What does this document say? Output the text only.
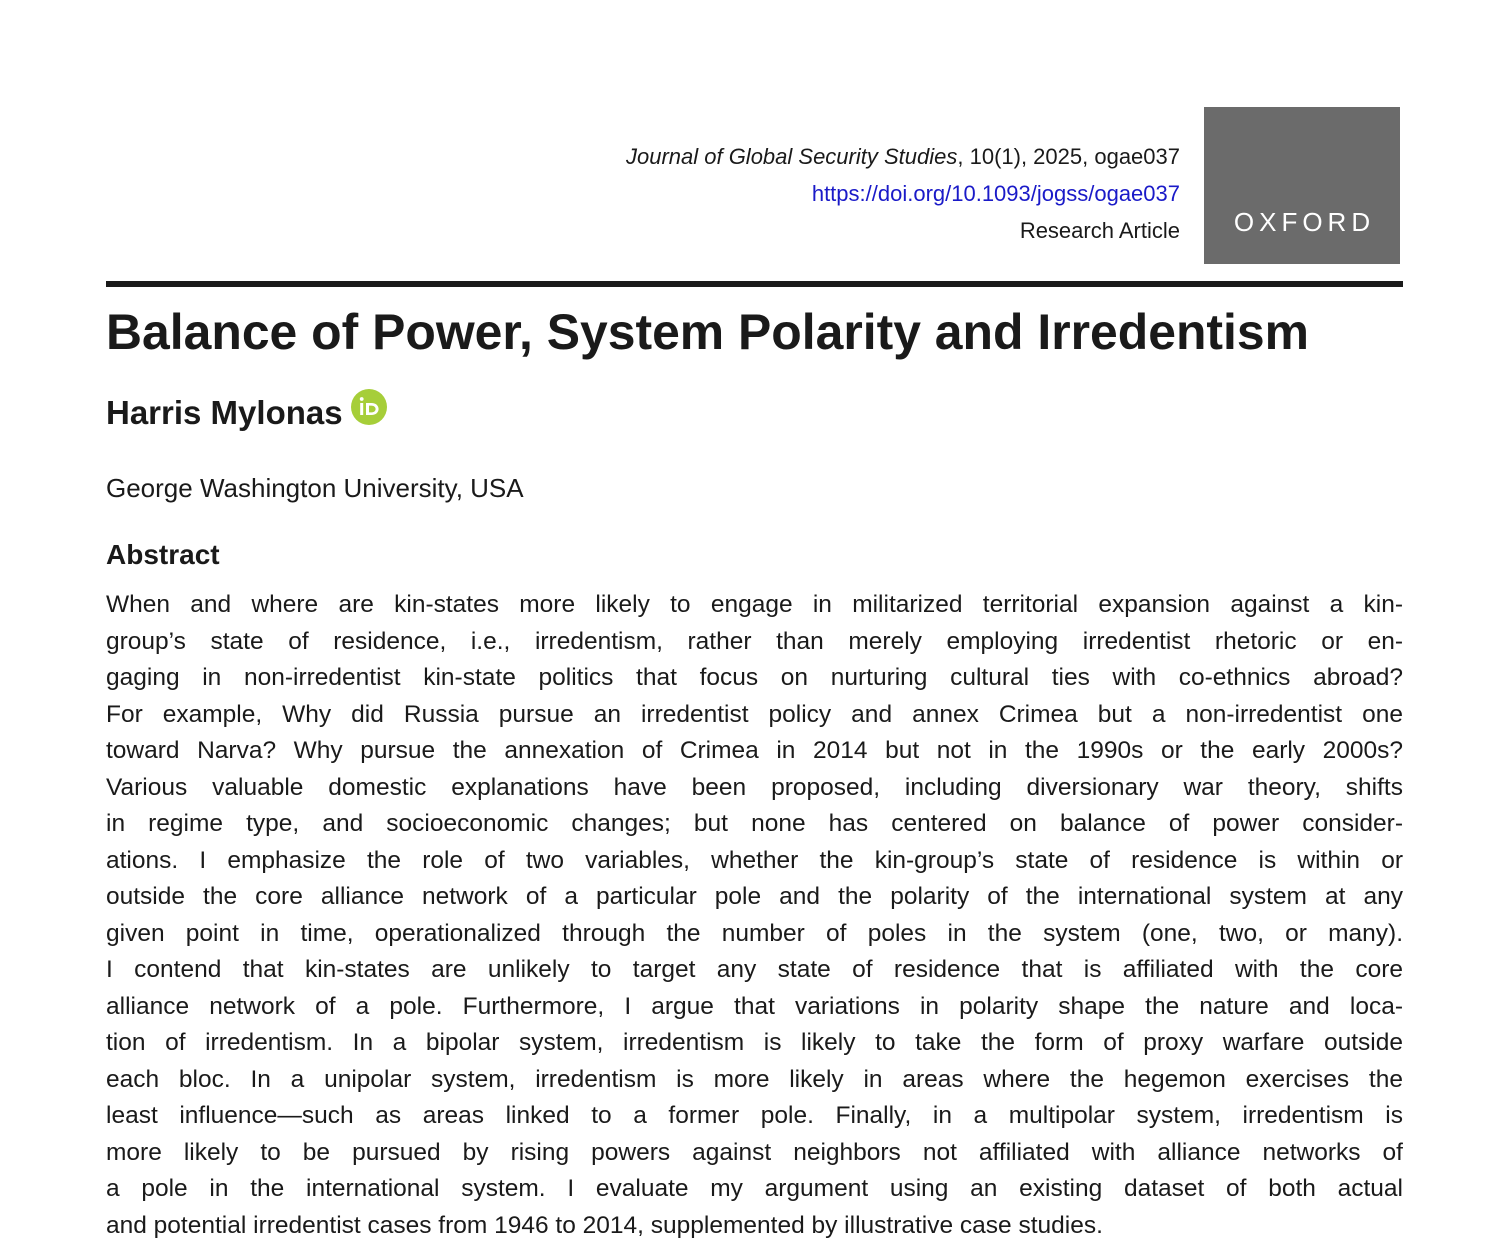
Journal of Global Security Studies, 10(1), 2025, ogae037
https://doi.org/10.1093/jogss/ogae037
Research Article OXFORD
Balance of Power, System Polarity and Irredentism
Harris Mylonas
George Washington University, USA
Abstract
When and where are kin-states more likely to engage in militarized territorial expansion against a kin-
group’s state of residence, i.e., irredentism, rather than merely employing irredentist rhetoric or en-
gaging in non-irredentist kin-state politics that focus on nurturing cultural ties with co-ethnics abroad?
For example, Why did Russia pursue an irredentist policy and annex Crimea but a non-irredentist one
toward Narva? Why pursue the annexation of Crimea in 2014 but not in the 1990s or the early 2000s?
Various valuable domestic explanations have been proposed, including diversionary war theory, shifts
in regime type, and socioeconomic changes; but none has centered on balance of power consider-
ations. I emphasize the role of two variables, whether the kin-group’s state of residence is within or
outside the core alliance network of a particular pole and the polarity of the international system at any
given point in time, operationalized through the number of poles in the system (one, two, or many).
I contend that kin-states are unlikely to target any state of residence that is affiliated with the core
alliance network of a pole. Furthermore, I argue that variations in polarity shape the nature and loca-
tion of irredentism. In a bipolar system, irredentism is likely to take the form of proxy warfare outside
each bloc. In a unipolar system, irredentism is more likely in areas where the hegemon exercises the
least influence—such as areas linked to a former pole. Finally, in a multipolar system, irredentism is
more likely to be pursued by rising powers against neighbors not affiliated with alliance networks of
a pole in the international system. I evaluate my argument using an existing dataset of both actual
and potential irredentist cases from 1946 to 2014, supplemented by illustrative case studies.
